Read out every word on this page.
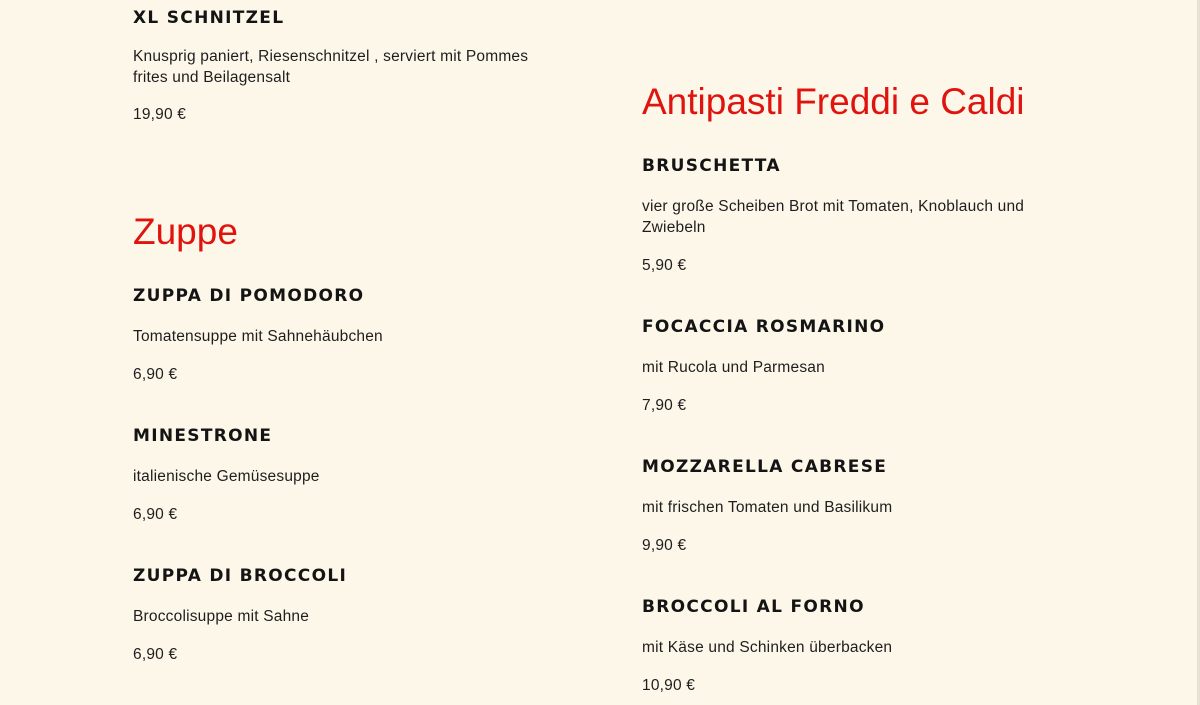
XL SCHNITZEL

Knusprig paniert, Riesenschnitzel , serviert mit Pommes frites und Beilagensalt

19,90 €

Zuppe
ZUPPA DI POMODORO

Tomatensuppe mit Sahnehäubchen

6,90 €

MINESTRONE

italienische Gemüsesuppe

6,90 €

ZUPPA DI BROCCOLI

Broccolisuppe mit Sahne

6,90 €

Antipasti Freddi e Caldi
BRUSCHETTA

vier große Scheiben Brot mit Tomaten, Knoblauch und Zwiebeln

5,90 €

FOCACCIA ROSMARINO

mit Rucola und Parmesan

7,90 €

MOZZARELLA CABRESE

mit frischen Tomaten und Basilikum

9,90 €

BROCCOLI AL FORNO

mit Käse und Schinken überbacken

10,90 €
